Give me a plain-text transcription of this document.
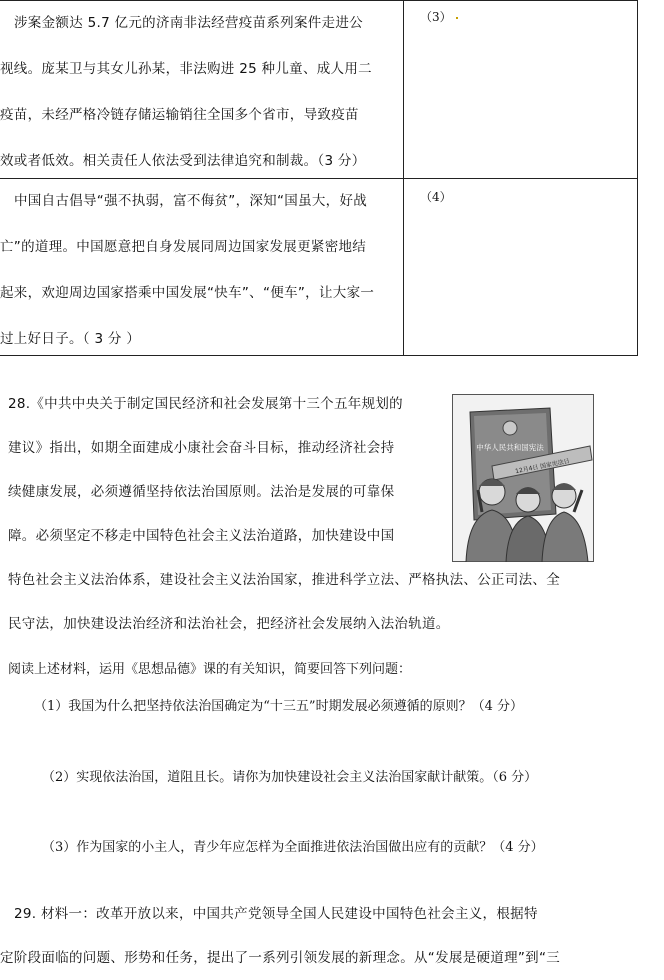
涉案金额达 5.7 亿元的济南非法经营疫苗系列案件走进公
视线。庞某卫与其女儿孙某，非法购进 25 种儿童、成人用二
疫苗，未经严格冷链存储运输销往全国多个省市，导致疫苗
效或者低效。相关责任人依法受到法律追究和制裁。（3 分）
（3）
中国自古倡导“强不执弱，富不侮贫”，深知“国虽大，好战
亡”的道理。中国愿意把自身发展同周边国家发展更紧密地结
起来，欢迎周边国家搭乘中国发展“快车”、“便车”，让大家一
过上好日子。（ 3 分 ）
（4）
28.《中共中央关于制定国民经济和社会发展第十三个五年规划的
建议》指出，如期全面建成小康社会奋斗目标，推动经济社会持
续健康发展，必须遵循坚持依法治国原则。法治是发展的可靠保
障。必须坚定不移走中国特色社会主义法治道路，加快建设中国
特色社会主义法治体系，建设社会主义法治国家，推进科学立法、严格执法、公正司法、全
民守法，加快建设法治经济和法治社会，把经济社会发展纳入法治轨道。
中华人民共和国宪法
12月4日 国家宪法日
阅读上述材料，运用《思想品德》课的有关知识，简要回答下列问题：
（1）我国为什么把坚持依法治国确定为“十三五”时期发展必须遵循的原则？（4 分）
（2）实现依法治国，道阻且长。请你为加快建设社会主义法治国家献计献策。（6 分）
（3）作为国家的小主人，青少年应怎样为全面推进依法治国做出应有的贡献？（4 分）
29. 材料一：改革开放以来，中国共产党领导全国人民建设中国特色社会主义，根据特
定阶段面临的问题、形势和任务，提出了一系列引领发展的新理念。从“发展是硬道理”到“三
